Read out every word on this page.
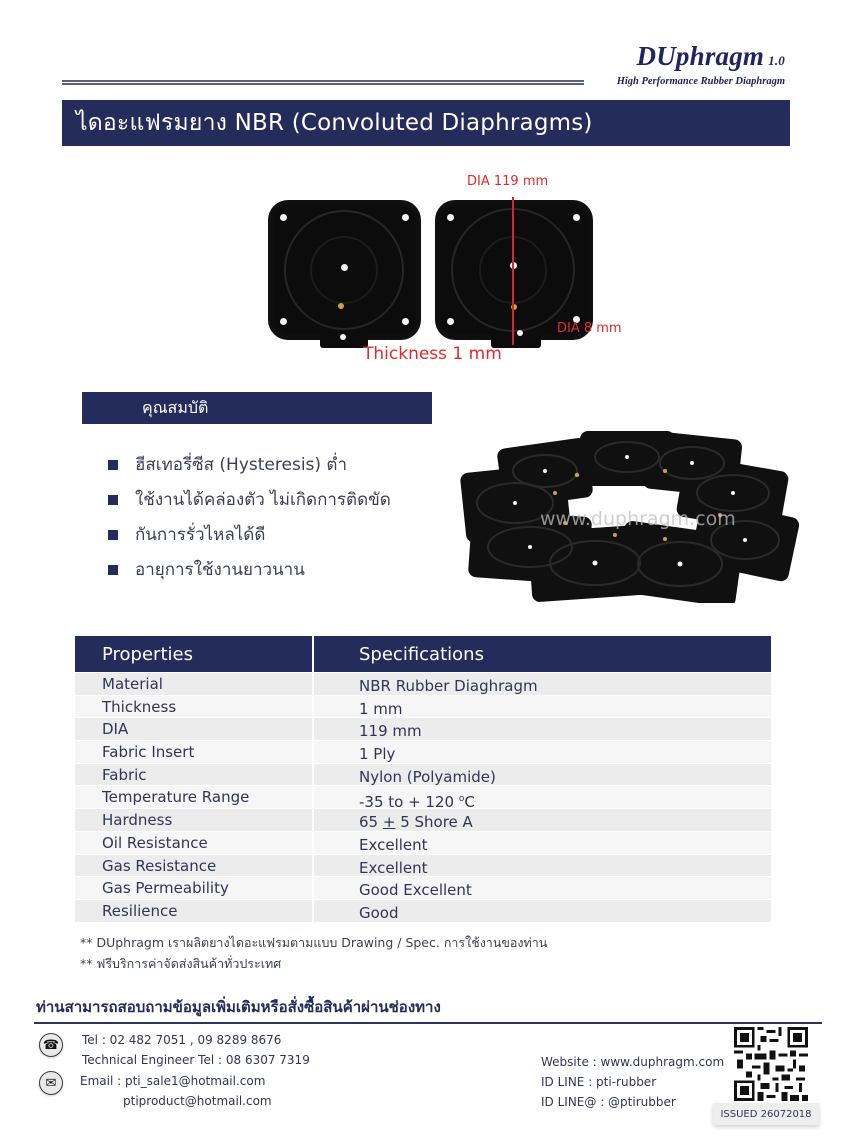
DUphragm 1.0
High Performance Rubber Diaphragm
ไดอะแฟรมยาง NBR (Convoluted Diaphragms)
DIA 119 mm
DIA 8 mm
Thickness 1 mm
คุณสมบัติ
ฮีสเทอรี่ซีส (Hysteresis) ต่ำ
ใช้งานได้คล่องตัว ไม่เกิดการติดขัด
กันการรั่วไหลได้ดี
อายุการใช้งานยาวนาน
www.duphragm.com
Properties	Specifications
Material	NBR Rubber Diaghragm
Thickness	1 mm
DIA	119 mm
Fabric Insert	1 Ply
Fabric	Nylon (Polyamide)
Temperature Range	-35 to + 120 $^o$C
Hardness	65 + 5 Shore A
Oil Resistance	Excellent
Gas Resistance	Excellent
Gas Permeability	Good Excellent
Resilience	Good
** DUphragm เราผลิตยางไดอะแฟรมตามแบบ Drawing / Spec. การใช้งานของท่าน
** ฟรีบริการค่าจัดส่งสินค้าทั่วประเทศ
ท่านสามารถสอบถามข้อมูลเพิ่มเติมหรือสั่งซื้อสินค้าผ่านช่องทาง
☎	Tel : 02 482 7051 , 09 8289 8676
Technical Engineer Tel : 08 6307 7319
✉	Email : pti_sale1@hotmail.com
ptiproduct@hotmail.com
Website : www.duphragm.com
ID LINE : pti-rubber
ID LINE@ : @ptirubber
ISSUED 26072018
